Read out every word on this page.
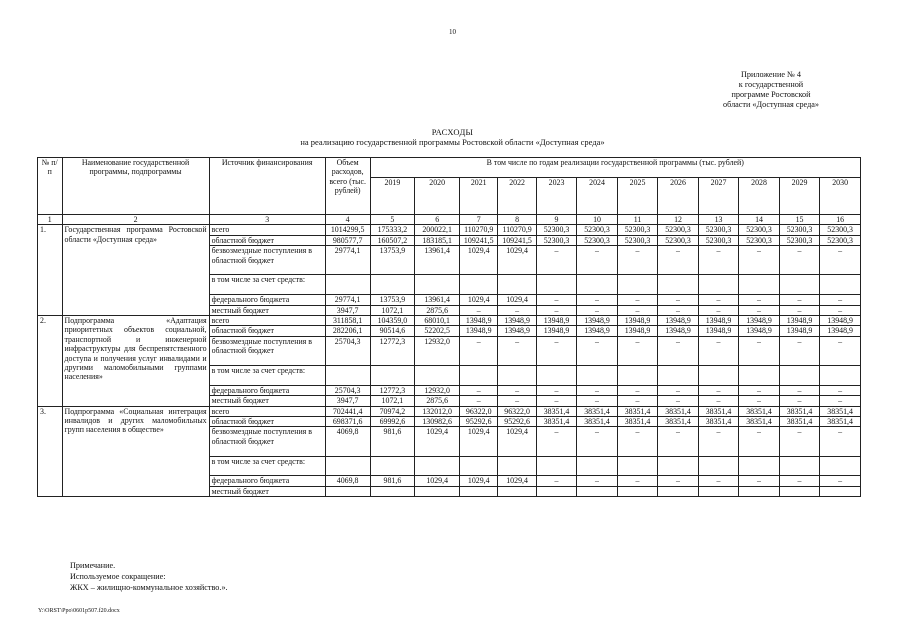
10
Приложение № 4
к государственной
программе Ростовской
области «Доступная среда»
РАСХОДЫ
на реализацию государственной программы Ростовской области «Доступная среда»
№ п/п	Наименование государственной программы, подпрограммы	Источник финансирования	Объем расходов, всего (тыс. рублей)	В том числе по годам реализации государственной программы (тыс. рублей)											
				2019	2020	2021	2022	2023	2024	2025	2026	2027	2028	2029	2030
1	2	3	4	5	6	7	8	9	10	11	12	13	14	15	16
1.	Государственная программа Ростовской области «Доступная среда»	всего	1014299,5	175333,2	200022,1	110270,9	110270,9	52300,3	52300,3	52300,3	52300,3	52300,3	52300,3	52300,3	52300,3
		областной бюджет	980577,7	160507,2	183185,1	109241,5	109241,5	52300,3	52300,3	52300,3	52300,3	52300,3	52300,3	52300,3	52300,3
		безвозмездные поступления в областной бюджет	29774,1	13753,9	13961,4	1029,4	1029,4	–	–	–	–	–	–	–	–
		в том числе за счет средств:													
		федерального бюджета	29774,1	13753,9	13961,4	1029,4	1029,4	–	–	–	–	–	–	–	–
		местный бюджет	3947,7	1072,1	2875,6	–	–	–	–	–	–	–	–	–	–
2.	Подпрограмма «Адаптация приоритетных объектов социальной, транспортной и инженерной инфраструктуры для беспрепятственного доступа и получения услуг инвалидами и другими маломобильными группами населения»	всего	311858,1	104359,0	68010,1	13948,9	13948,9	13948,9	13948,9	13948,9	13948,9	13948,9	13948,9	13948,9	13948,9
		областной бюджет	282206,1	90514,6	52202,5	13948,9	13948,9	13948,9	13948,9	13948,9	13948,9	13948,9	13948,9	13948,9	13948,9
		безвозмездные поступления в областной бюджет	25704,3	12772,3	12932,0	–	–	–	–	–	–	–	–	–	–
		в том числе за счет средств:													
		федерального бюджета	25704,3	12772,3	12932,0	–	–	–	–	–	–	–	–	–	–
		местный бюджет	3947,7	1072,1	2875,6	–	–	–	–	–	–	–	–	–	–
3.	Подпрограмма «Социальная интеграция инвалидов и других маломобильных групп населения в обществе»	всего	702441,4	70974,2	132012,0	96322,0	96322,0	38351,4	38351,4	38351,4	38351,4	38351,4	38351,4	38351,4	38351,4
		областной бюджет	698371,6	69992,6	130982,6	95292,6	95292,6	38351,4	38351,4	38351,4	38351,4	38351,4	38351,4	38351,4	38351,4
		безвозмездные поступления в областной бюджет	4069,8	981,6	1029,4	1029,4	1029,4	–	–	–	–	–	–	–	–
		в том числе за счет средств:													
		федерального бюджета	4069,8	981,6	1029,4	1029,4	1029,4	–	–	–	–	–	–	–	–
		местный бюджет													
Примечание.
Используемое сокращение:
ЖКХ – жилищно-коммунальное хозяйство.».
Y:\ORST\Ppo\0601p507.f20.docx
